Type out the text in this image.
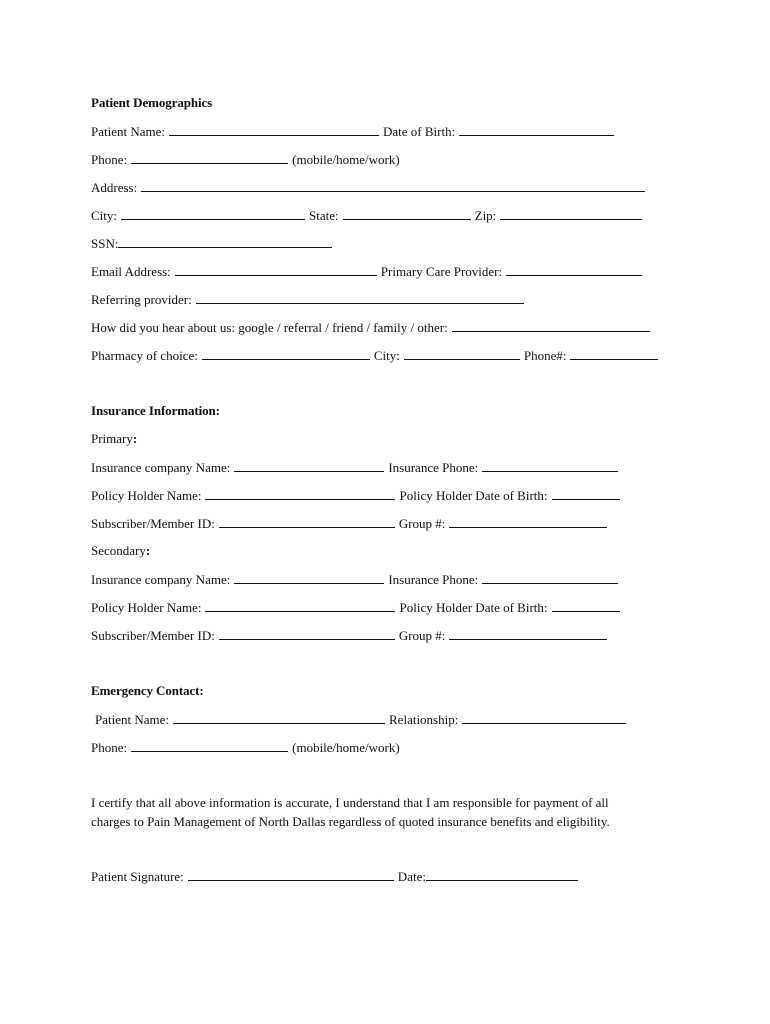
Patient Demographics
Patient Name:	Date of Birth:
Phone:	(mobile/home/work)
Address:
City:	State:	Zip:
SSN:
Email Address:	Primary Care Provider:
Referring provider:
How did you hear about us: google / referral / friend / family / other:
Pharmacy of choice:	City:	Phone#:
Insurance Information:
Primary:
Insurance company Name:	Insurance Phone:
Policy Holder Name:	Policy Holder Date of Birth:
Subscriber/Member ID:	Group #:
Secondary:
Insurance company Name:	Insurance Phone:
Policy Holder Name:	Policy Holder Date of Birth:
Subscriber/Member ID:	Group #:
Emergency Contact:
Patient Name:	Relationship:
Phone:	(mobile/home/work)
I certify that all above information is accurate, I understand that I am responsible for payment of all
charges to Pain Management of North Dallas regardless of quoted insurance benefits and eligibility.
Patient Signature:	Date:
